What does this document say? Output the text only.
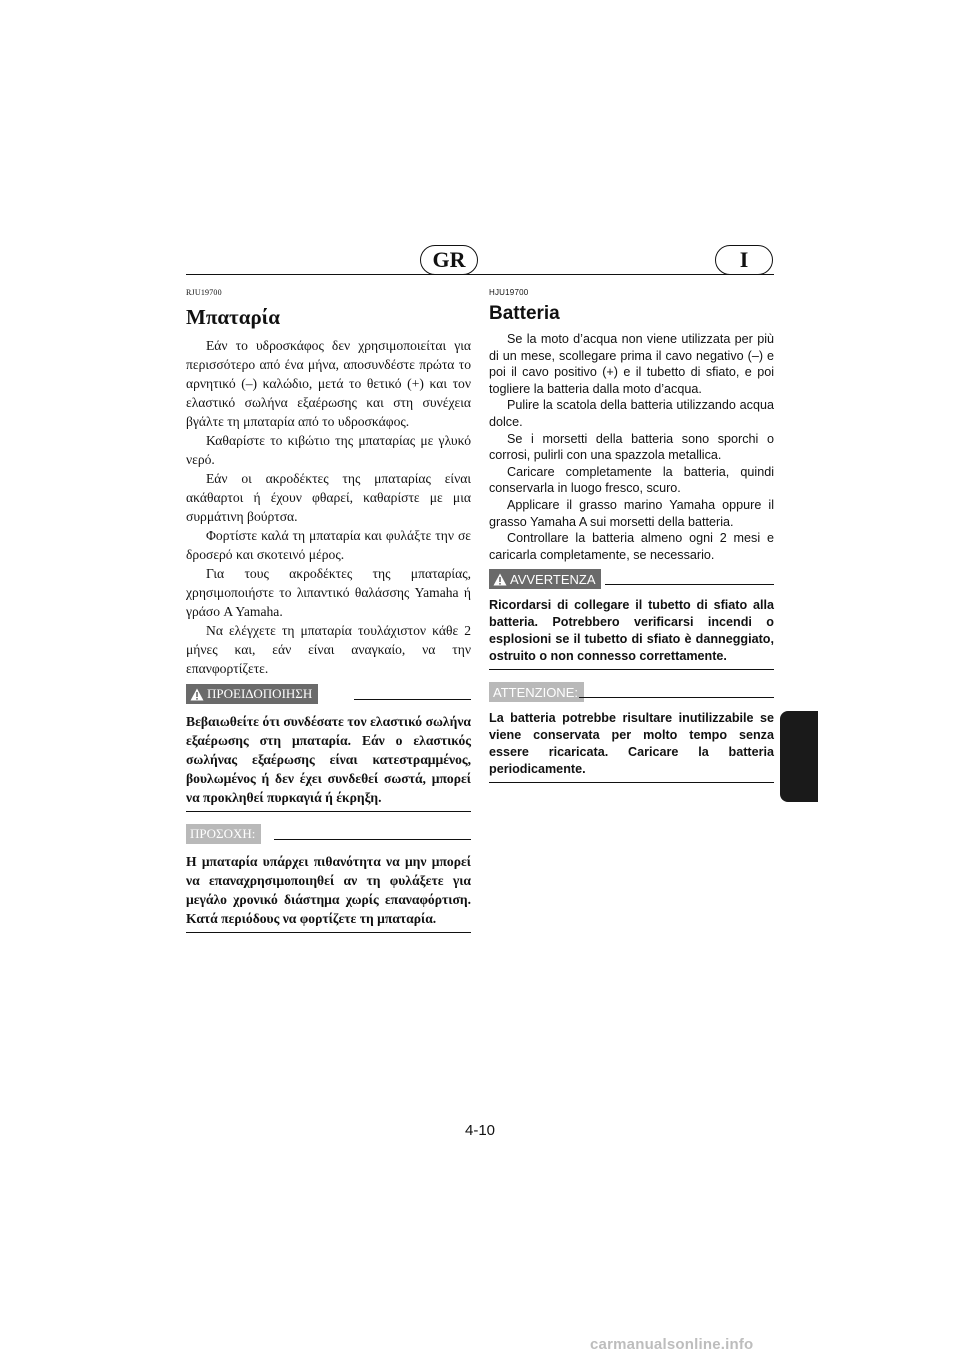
GR	I
RJU19700
Μπαταρία

Εάν το υδροσκάφος δεν χρησιμοποιείται για περισσότερο από ένα μήνα, αποσυνδέστε πρώτα το αρνητικό (–) καλώδιο, μετά το θετικό (+) και τον ελαστικό σωλήνα εξαέρωσης και στη συνέχεια βγάλτε τη μπαταρία από το υδροσκάφος.

Καθαρίστε το κιβώτιο της μπαταρίας με γλυκό νερό.

Εάν οι ακροδέκτες της μπαταρίας είναι ακάθαρτοι ή έχουν φθαρεί, καθαρίστε με μια συρμάτινη βούρτσα.

Φορτίστε καλά τη μπαταρία και φυλάξτε την σε δροσερό και σκοτεινό μέρος.

Για τους ακροδέκτες της μπαταρίας, χρησιμοποιήστε το λιπαντικό θαλάσσης Yamaha ή γράσο A Yamaha.

Να ελέγχετε τη μπαταρία τουλάχιστον κάθε 2 μήνες και, εάν είναι αναγκαίο, να την επανφορτίζετε.

ΠΡΟΕΙΔΟΠΟΙΗΣΗ

Βεβαιωθείτε ότι συνδέσατε τον ελαστικό σωλήνα εξαέρωσης στη μπαταρία. Εάν ο ελαστικός σωλήνας εξαέρωσης είναι κατεστραμμένος, βουλωμένος ή δεν έχει συνδεθεί σωστά, μπορεί να προκληθεί πυρκαγιά ή έκρηξη.

ΠΡΟΣΟΧΗ:

Η μπαταρία υπάρχει πιθανότητα να μην μπορεί να επαναχρησιμοποιηθεί αν τη φυλάξετε για μεγάλο χρονικό διάστημα χωρίς επαναφόρτιση. Κατά περιόδους να φορτίζετε τη μπαταρία.

HJU19700
Batteria

Se la moto d’acqua non viene utilizzata per più di un mese, scollegare prima il cavo negativo (–) e poi il cavo positivo (+) e il tubetto di sfiato, e poi togliere la batteria dalla moto d’acqua.

Pulire la scatola della batteria utilizzando acqua dolce.

Se i morsetti della batteria sono sporchi o corrosi, pulirli con una spazzola metallica.

Caricare completamente la batteria, quindi conservarla in luogo fresco, scuro.

Applicare il grasso marino Yamaha oppure il grasso Yamaha A sui morsetti della batteria.

Controllare la batteria almeno ogni 2 mesi e caricarla completamente, se necessario.

AVVERTENZA

Ricordarsi di collegare il tubetto di sfiato alla batteria. Potrebbero verificarsi incendi o esplosioni se il tubetto di sfiato è danneggiato, ostruito o non connesso correttamente.

ATTENZIONE:

La batteria potrebbe risultare inutilizzabile se viene conservata per molto tempo senza essere ricaricata. Caricare la batteria periodicamente.

4-10
carmanualsonline.info
